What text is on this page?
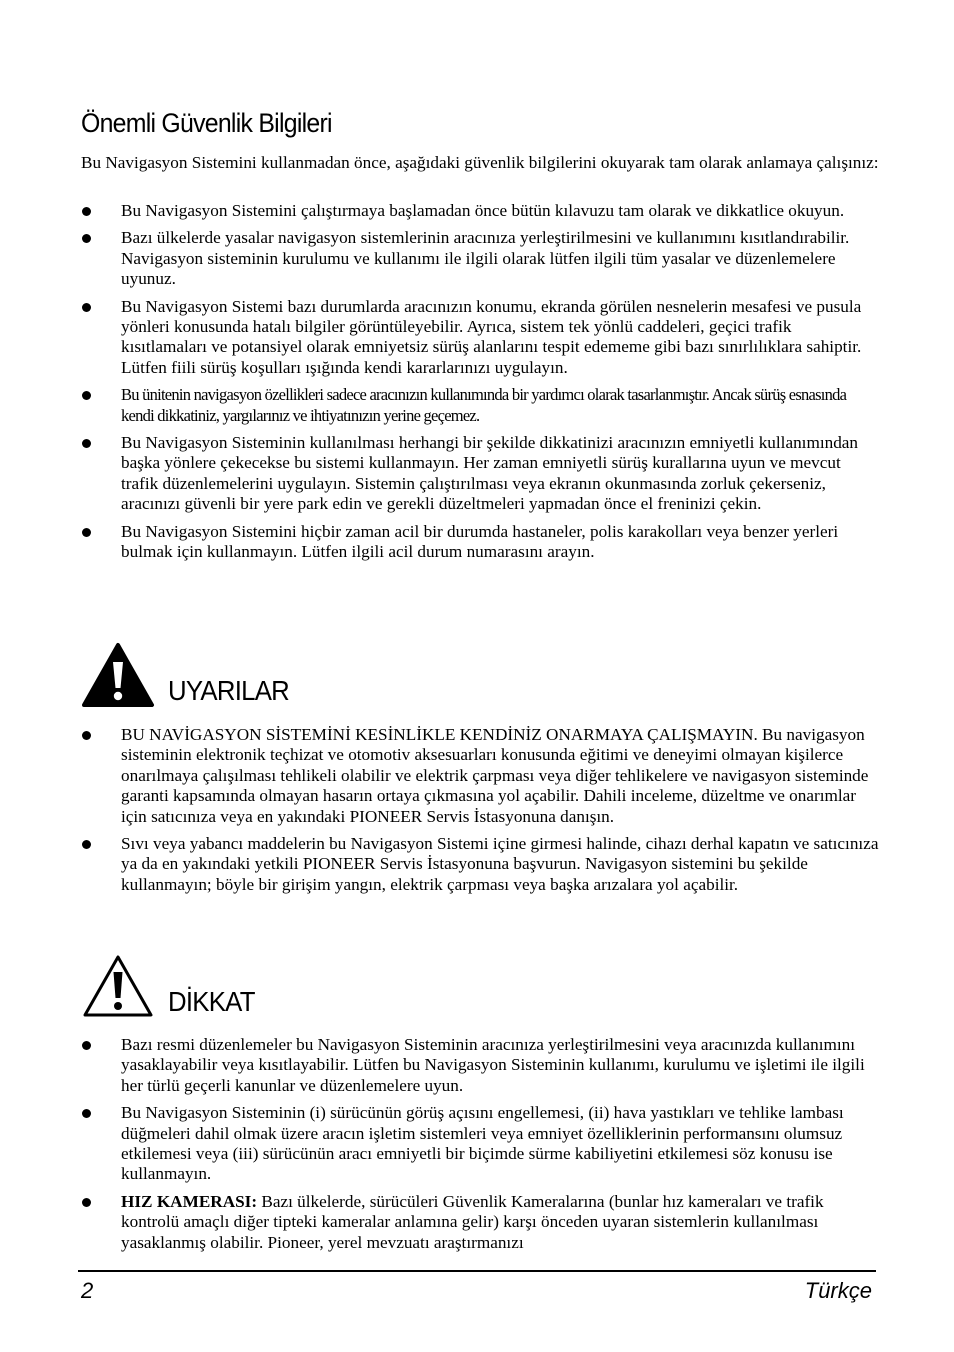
Önemli Güvenlik Bilgileri
Bu Navigasyon Sistemini kullanmadan önce, aşağıdaki güvenlik bilgilerini okuyarak tam olarak anlamaya çalışınız:
Bu Navigasyon Sistemini çalıştırmaya başlamadan önce bütün kılavuzu tam olarak ve dikkatlice okuyun.
Bazı ülkelerde yasalar navigasyon sistemlerinin aracınıza yerleştirilmesini ve kullanımını kısıtlandırabilir. Navigasyon sisteminin kurulumu ve kullanımı ile ilgili olarak lütfen ilgili tüm yasalar ve düzenlemelere uyunuz.
Bu Navigasyon Sistemi bazı durumlarda aracınızın konumu, ekranda görülen nesnelerin mesafesi ve pusula yönleri konusunda hatalı bilgiler görüntüleyebilir. Ayrıca, sistem tek yönlü caddeleri, geçici trafik kısıtlamaları ve potansiyel olarak emniyetsiz sürüş alanlarını tespit edememe gibi bazı sınırlılıklara sahiptir. Lütfen fiili sürüş koşulları ışığında kendi kararlarınızı uygulayın.
Bu ünitenin navigasyon özellikleri sadece aracınızın kullanımında bir yardımcı olarak tasarlanmıştır. Ancak sürüş esnasında kendi dikkatiniz, yargılarınız ve ihtiyatınızın yerine geçemez.
Bu Navigasyon Sisteminin kullanılması herhangi bir şekilde dikkatinizi aracınızın emniyetli kullanımından başka yönlere çekecekse bu sistemi kullanmayın. Her zaman emniyetli sürüş kurallarına uyun ve mevcut trafik düzenlemelerini uygulayın. Sistemin çalıştırılması veya ekranın okunmasında zorluk çekerseniz, aracınızı güvenli bir yere park edin ve gerekli düzeltmeleri yapmadan önce el freninizi çekin.
Bu Navigasyon Sistemini hiçbir zaman acil bir durumda hastaneler, polis karakolları veya benzer yerleri bulmak için kullanmayın. Lütfen ilgili acil durum numarasını arayın.
UYARILAR
BU NAVİGASYON SİSTEMİNİ KESİNLİKLE KENDİNİZ ONARMAYA ÇALIŞMAYIN. Bu navigasyon sisteminin elektronik teçhizat ve otomotiv aksesuarları konusunda eğitimi ve deneyimi olmayan kişilerce onarılmaya çalışılması tehlikeli olabilir ve elektrik çarpması veya diğer tehlikelere ve navigasyon sisteminde garanti kapsamında olmayan hasarın ortaya çıkmasına yol açabilir. Dahili inceleme, düzeltme ve onarımlar için satıcınıza veya en yakındaki PIONEER Servis İstasyonuna danışın.
Sıvı veya yabancı maddelerin bu Navigasyon Sistemi içine girmesi halinde, cihazı derhal kapatın ve satıcınıza ya da en yakındaki yetkili PIONEER Servis İstasyonuna başvurun. Navigasyon sistemini bu şekilde kullanmayın; böyle bir girişim yangın, elektrik çarpması veya başka arızalara yol açabilir.
DİKKAT
Bazı resmi düzenlemeler bu Navigasyon Sisteminin aracınıza yerleştirilmesini veya aracınızda kullanımını yasaklayabilir veya kısıtlayabilir. Lütfen bu Navigasyon Sisteminin kullanımı, kurulumu ve işletimi ile ilgili her türlü geçerli kanunlar ve düzenlemelere uyun.
Bu Navigasyon Sisteminin (i) sürücünün görüş açısını engellemesi, (ii) hava yastıkları ve tehlike lambası düğmeleri dahil olmak üzere aracın işletim sistemleri veya emniyet özelliklerinin performansını olumsuz etkilemesi veya (iii) sürücünün aracı emniyetli bir biçimde sürme kabiliyetini etkilemesi söz konusu ise kullanmayın.
HIZ KAMERASI: Bazı ülkelerde, sürücüleri Güvenlik Kameralarına (bunlar hız kameraları ve trafik kontrolü amaçlı diğer tipteki kameralar anlamına gelir) karşı önceden uyaran sistemlerin kullanılması yasaklanmış olabilir. Pioneer, yerel mevzuatı araştırmanızı
2	Türkçe
